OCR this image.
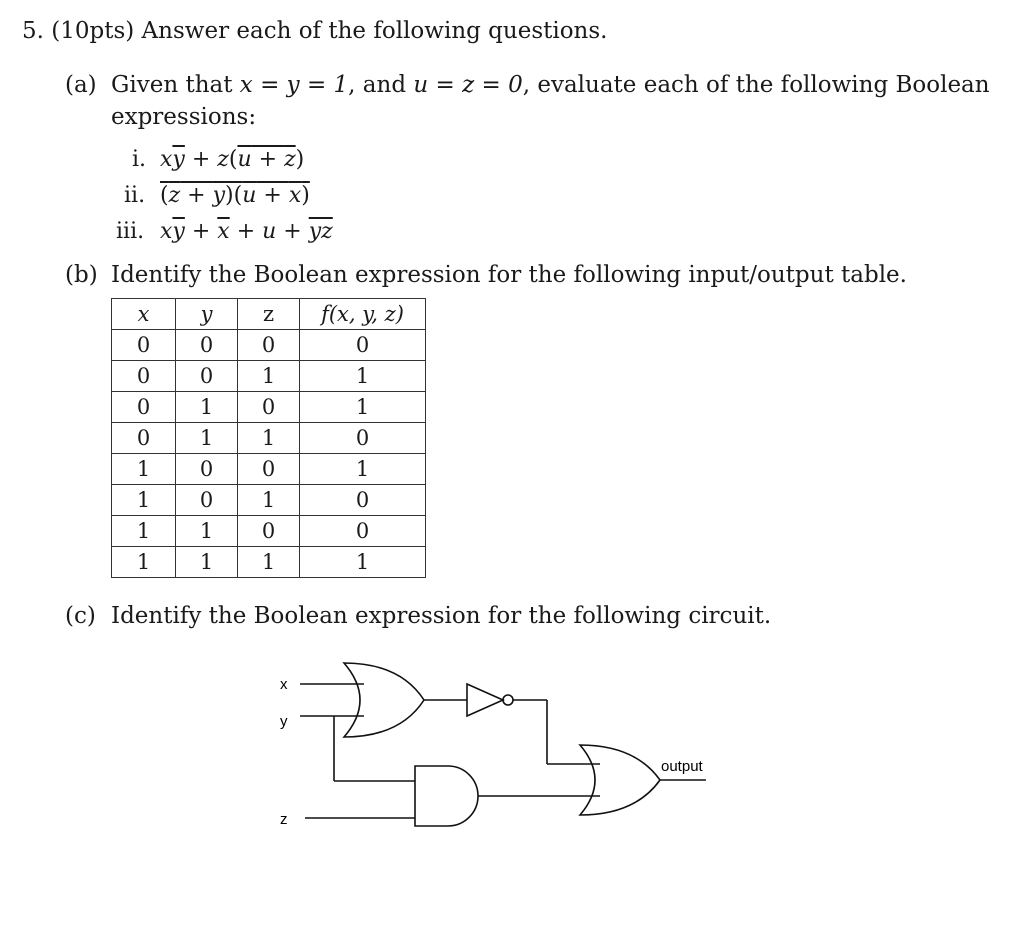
5. (10pts) Answer each of the following questions.
(a) Given that x = y = 1, and u = z = 0, evaluate each of the following Boolean
expressions:
i. $x\overline{y} + z(u + z)$
ii. (z + y)(u + x)
iii. $x\overline{y} + \overline{x} + u + \overline{yz}$
(b) Identify the Boolean expression for the following input/output table.
x	y	z	f(x, y, z)
0	0	0	0
0	0	1	1
0	1	0	1
0	1	1	0
1	0	0	1
1	0	1	0
1	1	0	0
1	1	1	1
(c) Identify the Boolean expression for the following circuit.
x
y
z
output
